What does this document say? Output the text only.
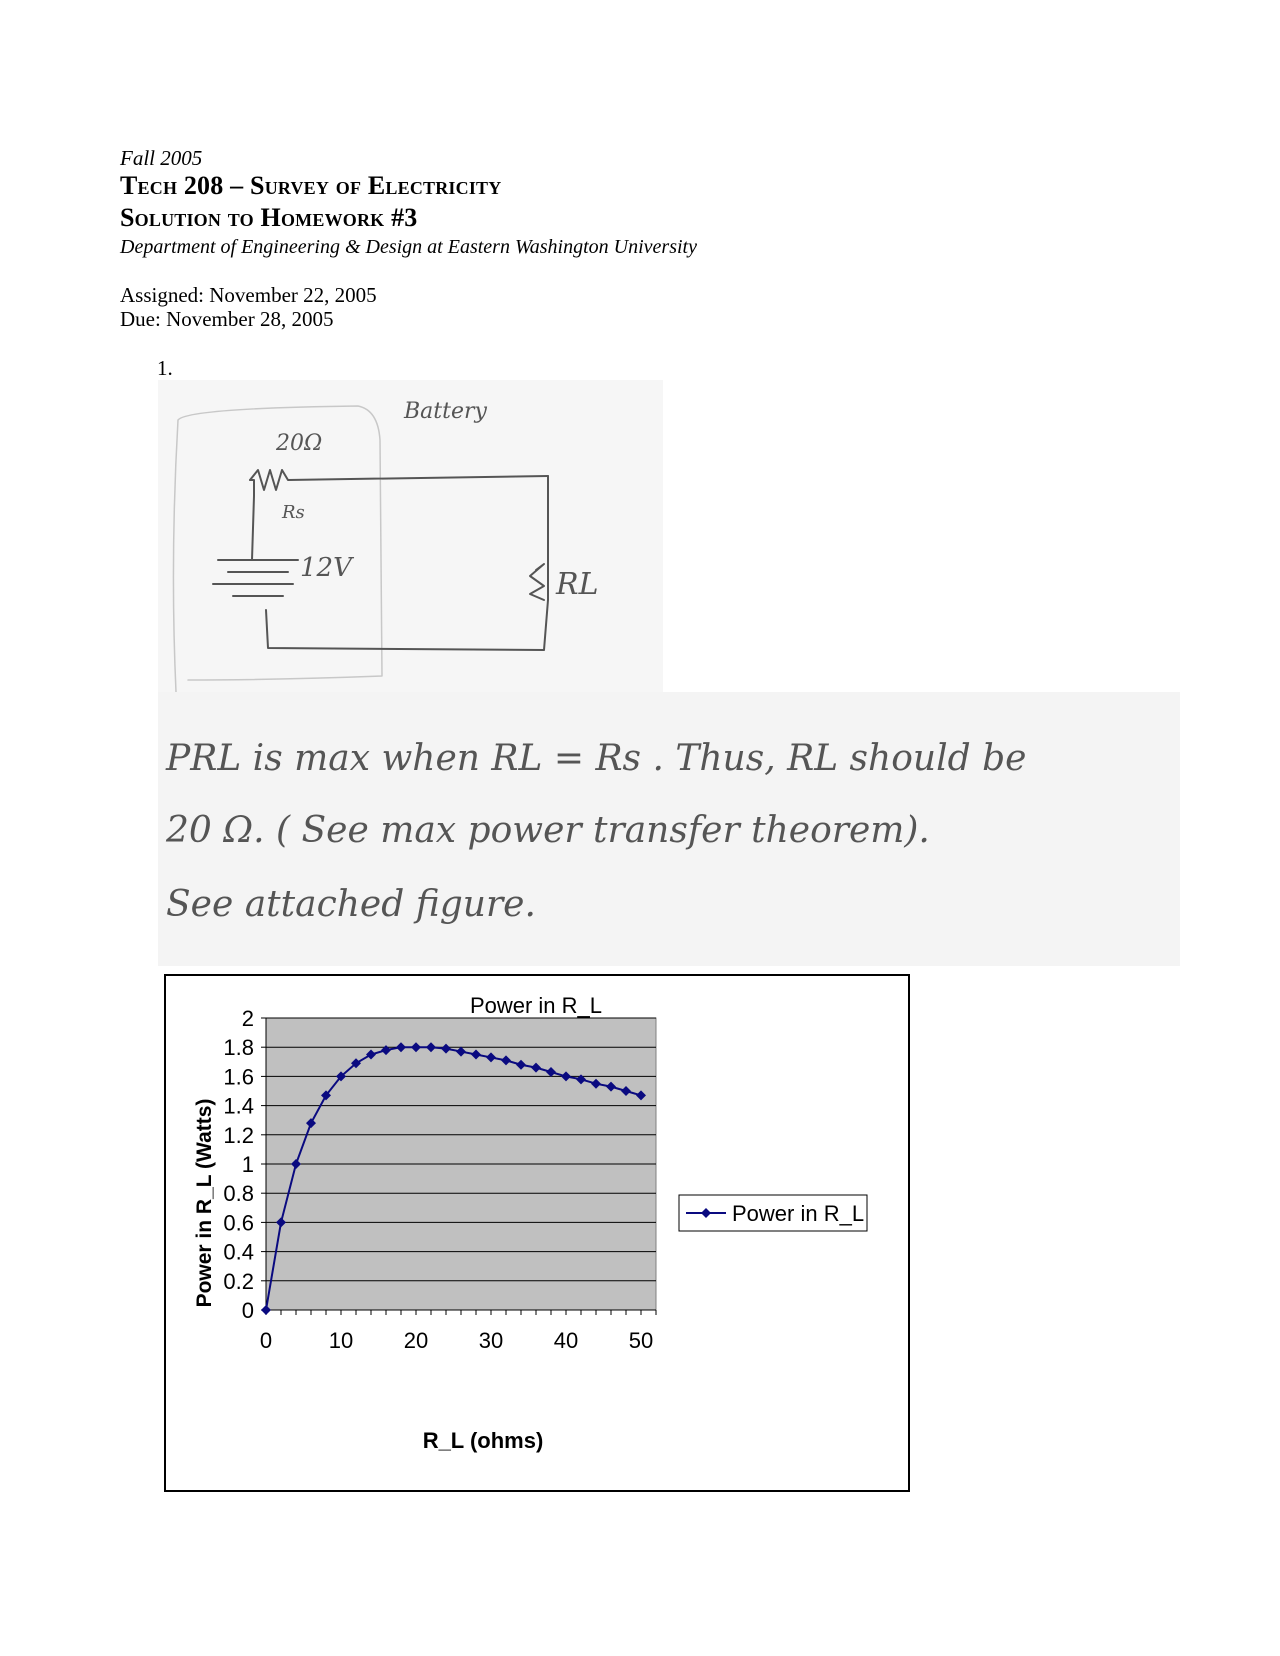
Fall 2005
Tech 208 – Survey of Electricity
Solution to Homework #3
Department of Engineering & Design at Eastern Washington University
Assigned: November 22, 2005
Due: November 28, 2005
1.
Battery
20Ω
Rs
12V	RL
PRL is max when RL = Rs . Thus, RL should be
20 Ω. ( See max power transfer theorem).
See attached figure.
Power in R_L
0
0.2
0.4
0.6
0.8
1
1.2
1.4
1.6
1.8
2
0	10 20 30 40 50
R_L (ohms)
Power in R_L (Watts)	Power in R_L
